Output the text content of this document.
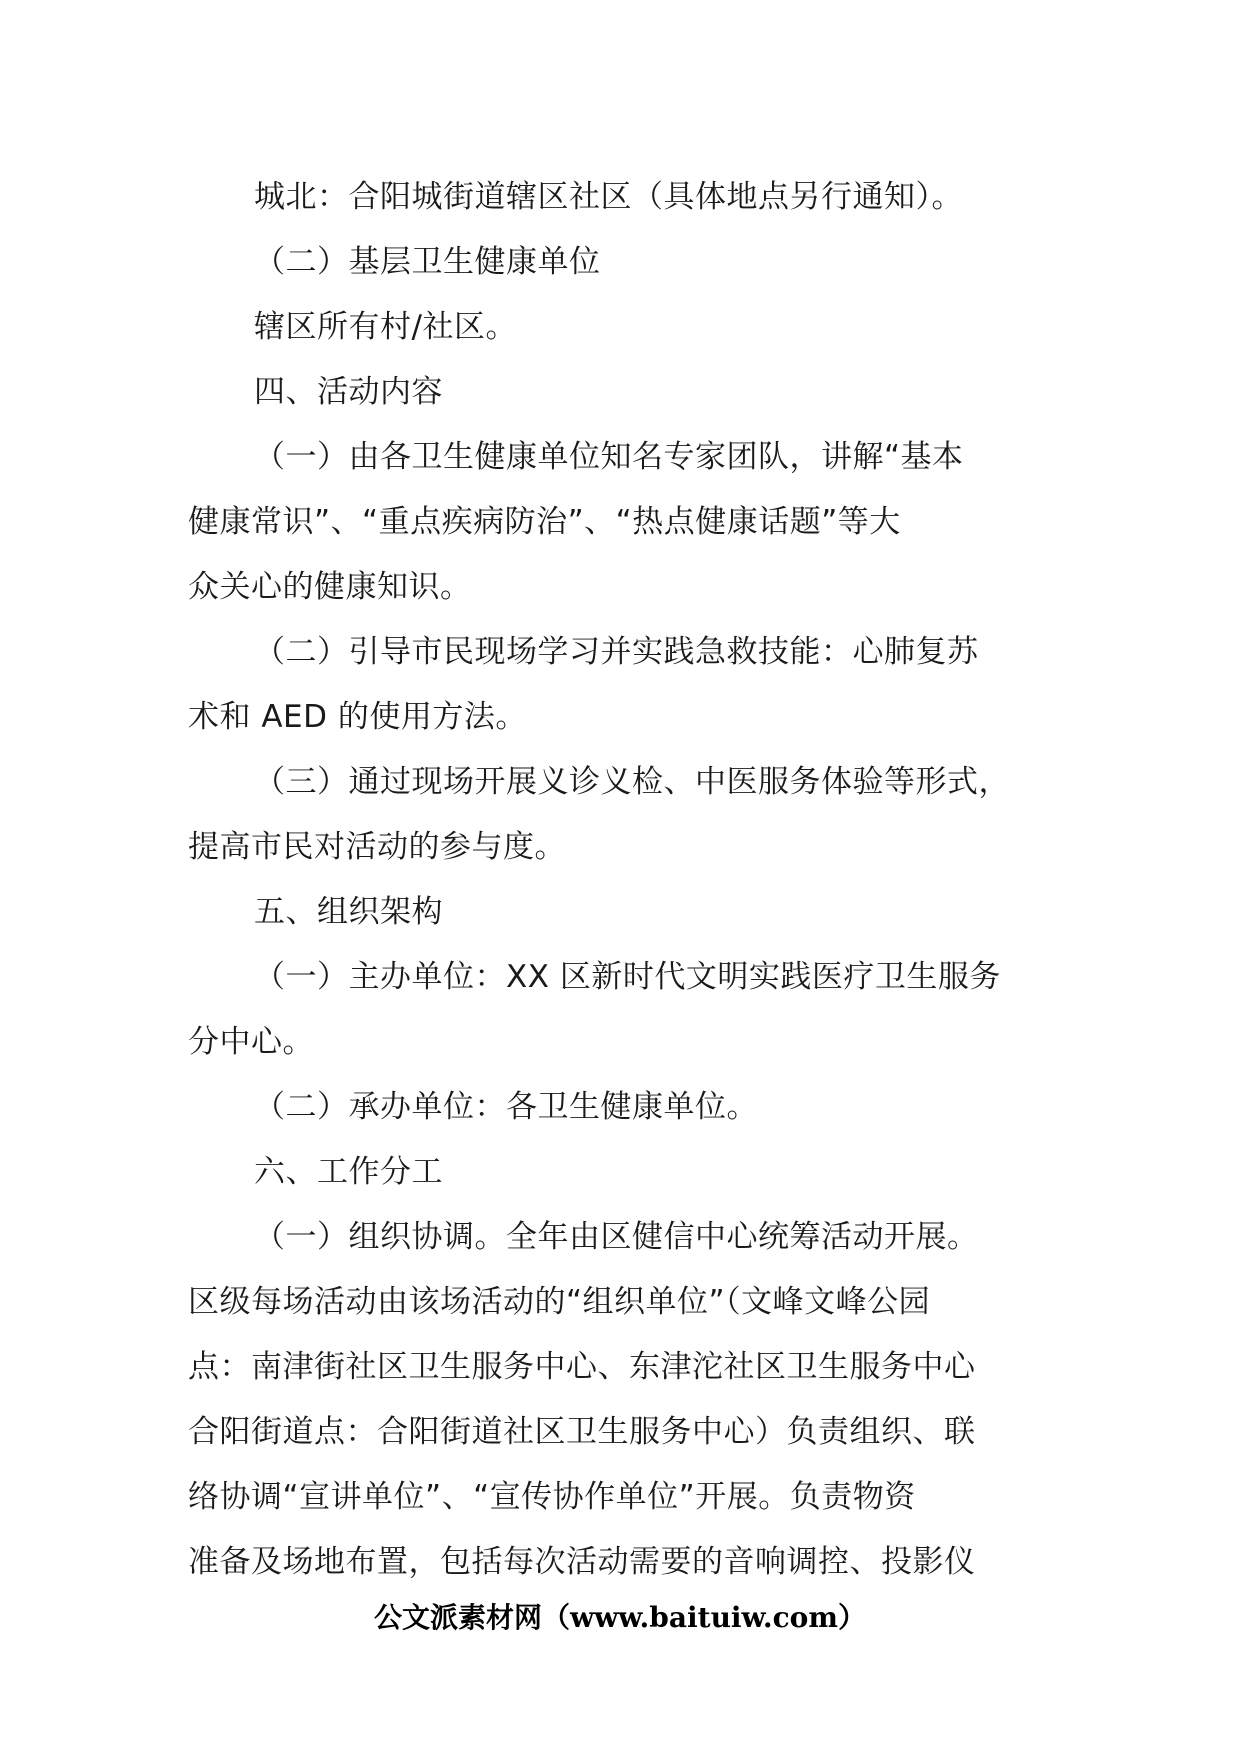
城北：合阳城街道辖区社区（具体地点另行通知）。
（二）基层卫生健康单位
辖区所有村/社区。
四、活动内容
（一）由各卫生健康单位知名专家团队，讲解“基本
健康常识”、“重点疾病防治”、“热点健康话题”等大
众关心的健康知识。
（二）引导市民现场学习并实践急救技能：心肺复苏
术和 AED 的使用方法。
（三）通过现场开展义诊义检、中医服务体验等形式，
提高市民对活动的参与度。
五、组织架构
（一）主办单位：XX 区新时代文明实践医疗卫生服务
分中心。
（二）承办单位：各卫生健康单位。
六、工作分工
（一）组织协调。全年由区健信中心统筹活动开展。
区级每场活动由该场活动的“组织单位”（文峰文峰公园
点：南津街社区卫生服务中心、东津沱社区卫生服务中心
合阳街道点：合阳街道社区卫生服务中心）负责组织、联
络协调“宣讲单位”、“宣传协作单位”开展。负责物资
准备及场地布置，包括每次活动需要的音响调控、投影仪
公文派素材网（www.baituiw.com）
